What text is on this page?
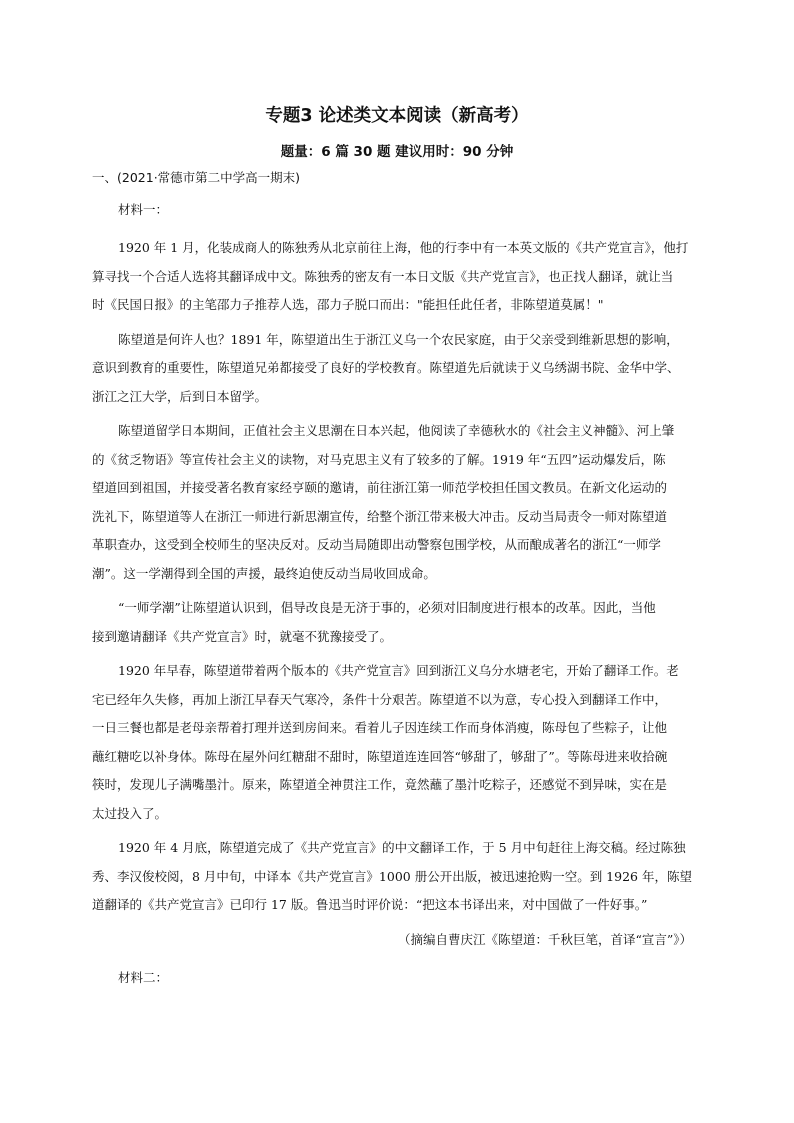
专题3 论述类文本阅读（新高考）
题量：6 篇 30 题 建议用时：90 分钟
一、(2021·常德市第二中学高一期末)
材料一：
1920 年 1 月，化装成商人的陈独秀从北京前往上海，他的行李中有一本英文版的《共产党宣言》，他打
算寻找一个合适人选将其翻译成中文。陈独秀的密友有一本日文版《共产党宣言》，也正找人翻译，就让当
时《民国日报》的主笔邵力子推荐人选，邵力子脱口而出："能担任此任者，非陈望道莫属！"
陈望道是何许人也？1891 年，陈望道出生于浙江义乌一个农民家庭，由于父亲受到维新思想的影响，
意识到教育的重要性，陈望道兄弟都接受了良好的学校教育。陈望道先后就读于义乌绣湖书院、金华中学、
浙江之江大学，后到日本留学。
陈望道留学日本期间，正值社会主义思潮在日本兴起，他阅读了幸德秋水的《社会主义神髓》、河上肇
的《贫乏物语》等宣传社会主义的读物，对马克思主义有了较多的了解。1919 年“五四”运动爆发后，陈
望道回到祖国，并接受著名教育家经亨颐的邀请，前往浙江第一师范学校担任国文教员。在新文化运动的
洗礼下，陈望道等人在浙江一师进行新思潮宣传，给整个浙江带来极大冲击。反动当局责令一师对陈望道
革职查办，这受到全校师生的坚决反对。反动当局随即出动警察包围学校，从而酿成著名的浙江“一师学
潮”。这一学潮得到全国的声援，最终迫使反动当局收回成命。
“一师学潮”让陈望道认识到，倡导改良是无济于事的，必须对旧制度进行根本的改革。因此，当他
接到邀请翻译《共产党宣言》时，就毫不犹豫接受了。
1920 年早春，陈望道带着两个版本的《共产党宣言》回到浙江义乌分水塘老宅，开始了翻译工作。老
宅已经年久失修，再加上浙江早春天气寒冷，条件十分艰苦。陈望道不以为意，专心投入到翻译工作中，
一日三餐也都是老母亲帮着打理并送到房间来。看着儿子因连续工作而身体消瘦，陈母包了些粽子，让他
蘸红糖吃以补身体。陈母在屋外问红糖甜不甜时，陈望道连连回答“够甜了，够甜了”。等陈母进来收拾碗
筷时，发现儿子满嘴墨汁。原来，陈望道全神贯注工作，竟然蘸了墨汁吃粽子，还感觉不到异味，实在是
太过投入了。
1920 年 4 月底，陈望道完成了《共产党宣言》的中文翻译工作，于 5 月中旬赶往上海交稿。经过陈独
秀、李汉俊校阅，8 月中旬，中译本《共产党宣言》1000 册公开出版，被迅速抢购一空。到 1926 年，陈望
道翻译的《共产党宣言》已印行 17 版。鲁迅当时评价说：“把这本书译出来，对中国做了一件好事。”
（摘编自曹庆江《陈望道：千秋巨笔，首译“宣言”》）
材料二：
